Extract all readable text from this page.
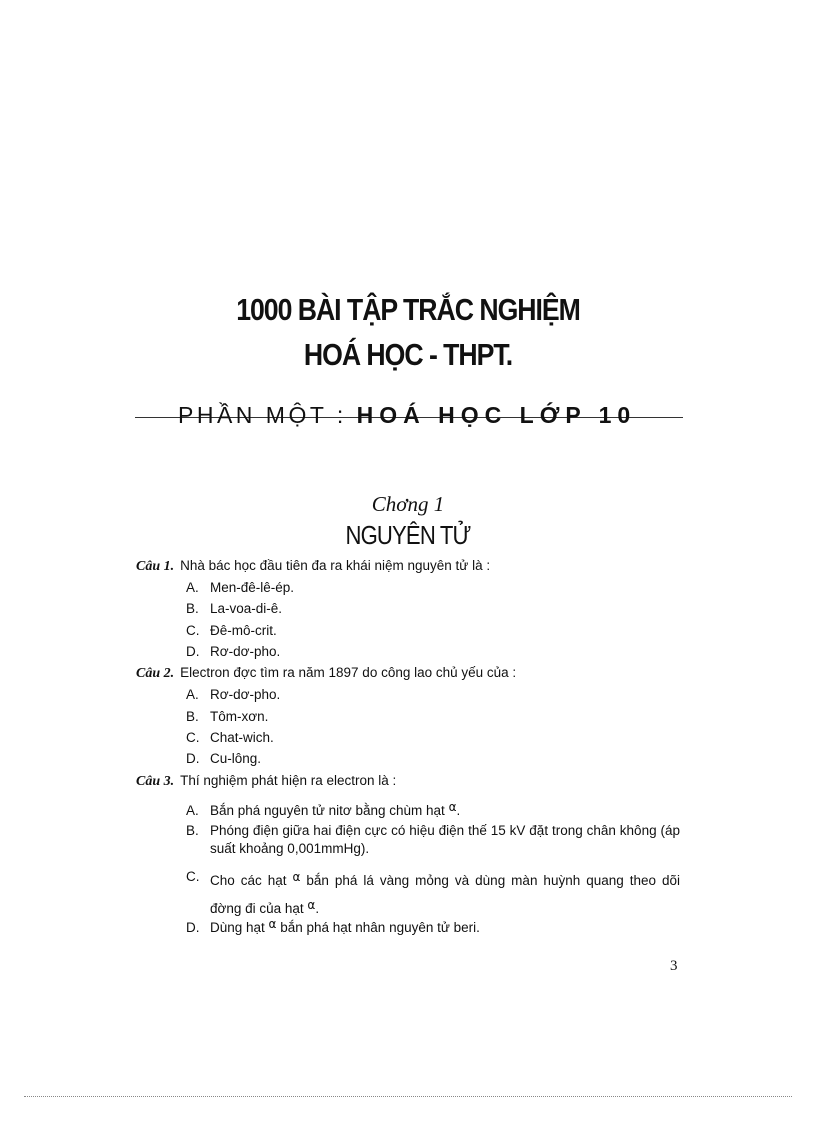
1000 BÀI TẬP TRẮC NGHIỆM
HOÁ HỌC - THPT.
PHẦN MỘT : HOÁ HỌC LỚP 10
Chơng 1
NGUYÊN TỬ
Câu 1. Nhà bác học đầu tiên đa ra khái niệm nguyên tử là :
A. Men-đê-lê-ép.
B. La-voa-di-ê.
C. Đê-mô-crit.
D. Rơ-dơ-pho.
Câu 2. Electron đợc tìm ra năm 1897 do công lao chủ yếu của :
A. Rơ-dơ-pho.
B. Tôm-xơn.
C. Chat-wich.
D. Cu-lông.
Câu 3. Thí nghiệm phát hiện ra electron là :
A. Bắn phá nguyên tử nitơ bằng chùm hạt α.
B. Phóng điện giữa hai điện cực có hiệu điện thế 15 kV đặt trong chân không (áp suất khoảng 0,001mmHg).
C. Cho các hạt α bắn phá lá vàng mỏng và dùng màn huỳnh quang theo dõi đờng đi của hạt α.
D. Dùng hạt α bắn phá hạt nhân nguyên tử beri.
3
